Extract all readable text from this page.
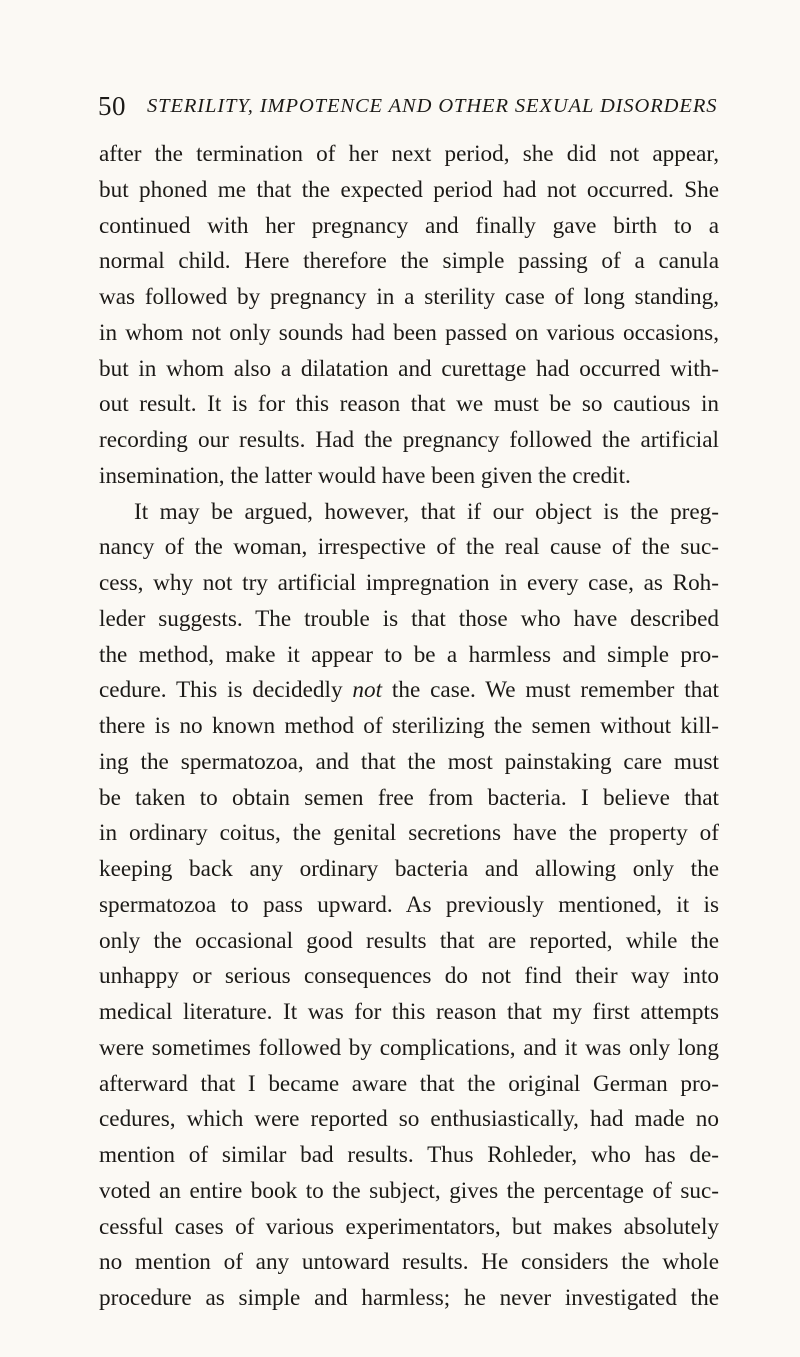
50 STERILITY, IMPOTENCE AND OTHER SEXUAL DISORDERS
after the termination of her next period, she did not appear,
but phoned me that the expected period had not occurred. She
continued with her pregnancy and finally gave birth to a
normal child. Here therefore the simple passing of a canula
was followed by pregnancy in a sterility case of long standing,
in whom not only sounds had been passed on various occasions,
but in whom also a dilatation and curettage had occurred with-
out result. It is for this reason that we must be so cautious in
recording our results. Had the pregnancy followed the artificial
insemination, the latter would have been given the credit.
It may be argued, however, that if our object is the preg-
nancy of the woman, irrespective of the real cause of the suc-
cess, why not try artificial impregnation in every case, as Roh-
leder suggests. The trouble is that those who have described
the method, make it appear to be a harmless and simple pro-
cedure. This is decidedly not the case. We must remember that
there is no known method of sterilizing the semen without kill-
ing the spermatozoa, and that the most painstaking care must
be taken to obtain semen free from bacteria. I believe that
in ordinary coitus, the genital secretions have the property of
keeping back any ordinary bacteria and allowing only the
spermatozoa to pass upward. As previously mentioned, it is
only the occasional good results that are reported, while the
unhappy or serious consequences do not find their way into
medical literature. It was for this reason that my first attempts
were sometimes followed by complications, and it was only long
afterward that I became aware that the original German pro-
cedures, which were reported so enthusiastically, had made no
mention of similar bad results. Thus Rohleder, who has de-
voted an entire book to the subject, gives the percentage of suc-
cessful cases of various experimentators, but makes absolutely
no mention of any untoward results. He considers the whole
procedure as simple and harmless; he never investigated the
